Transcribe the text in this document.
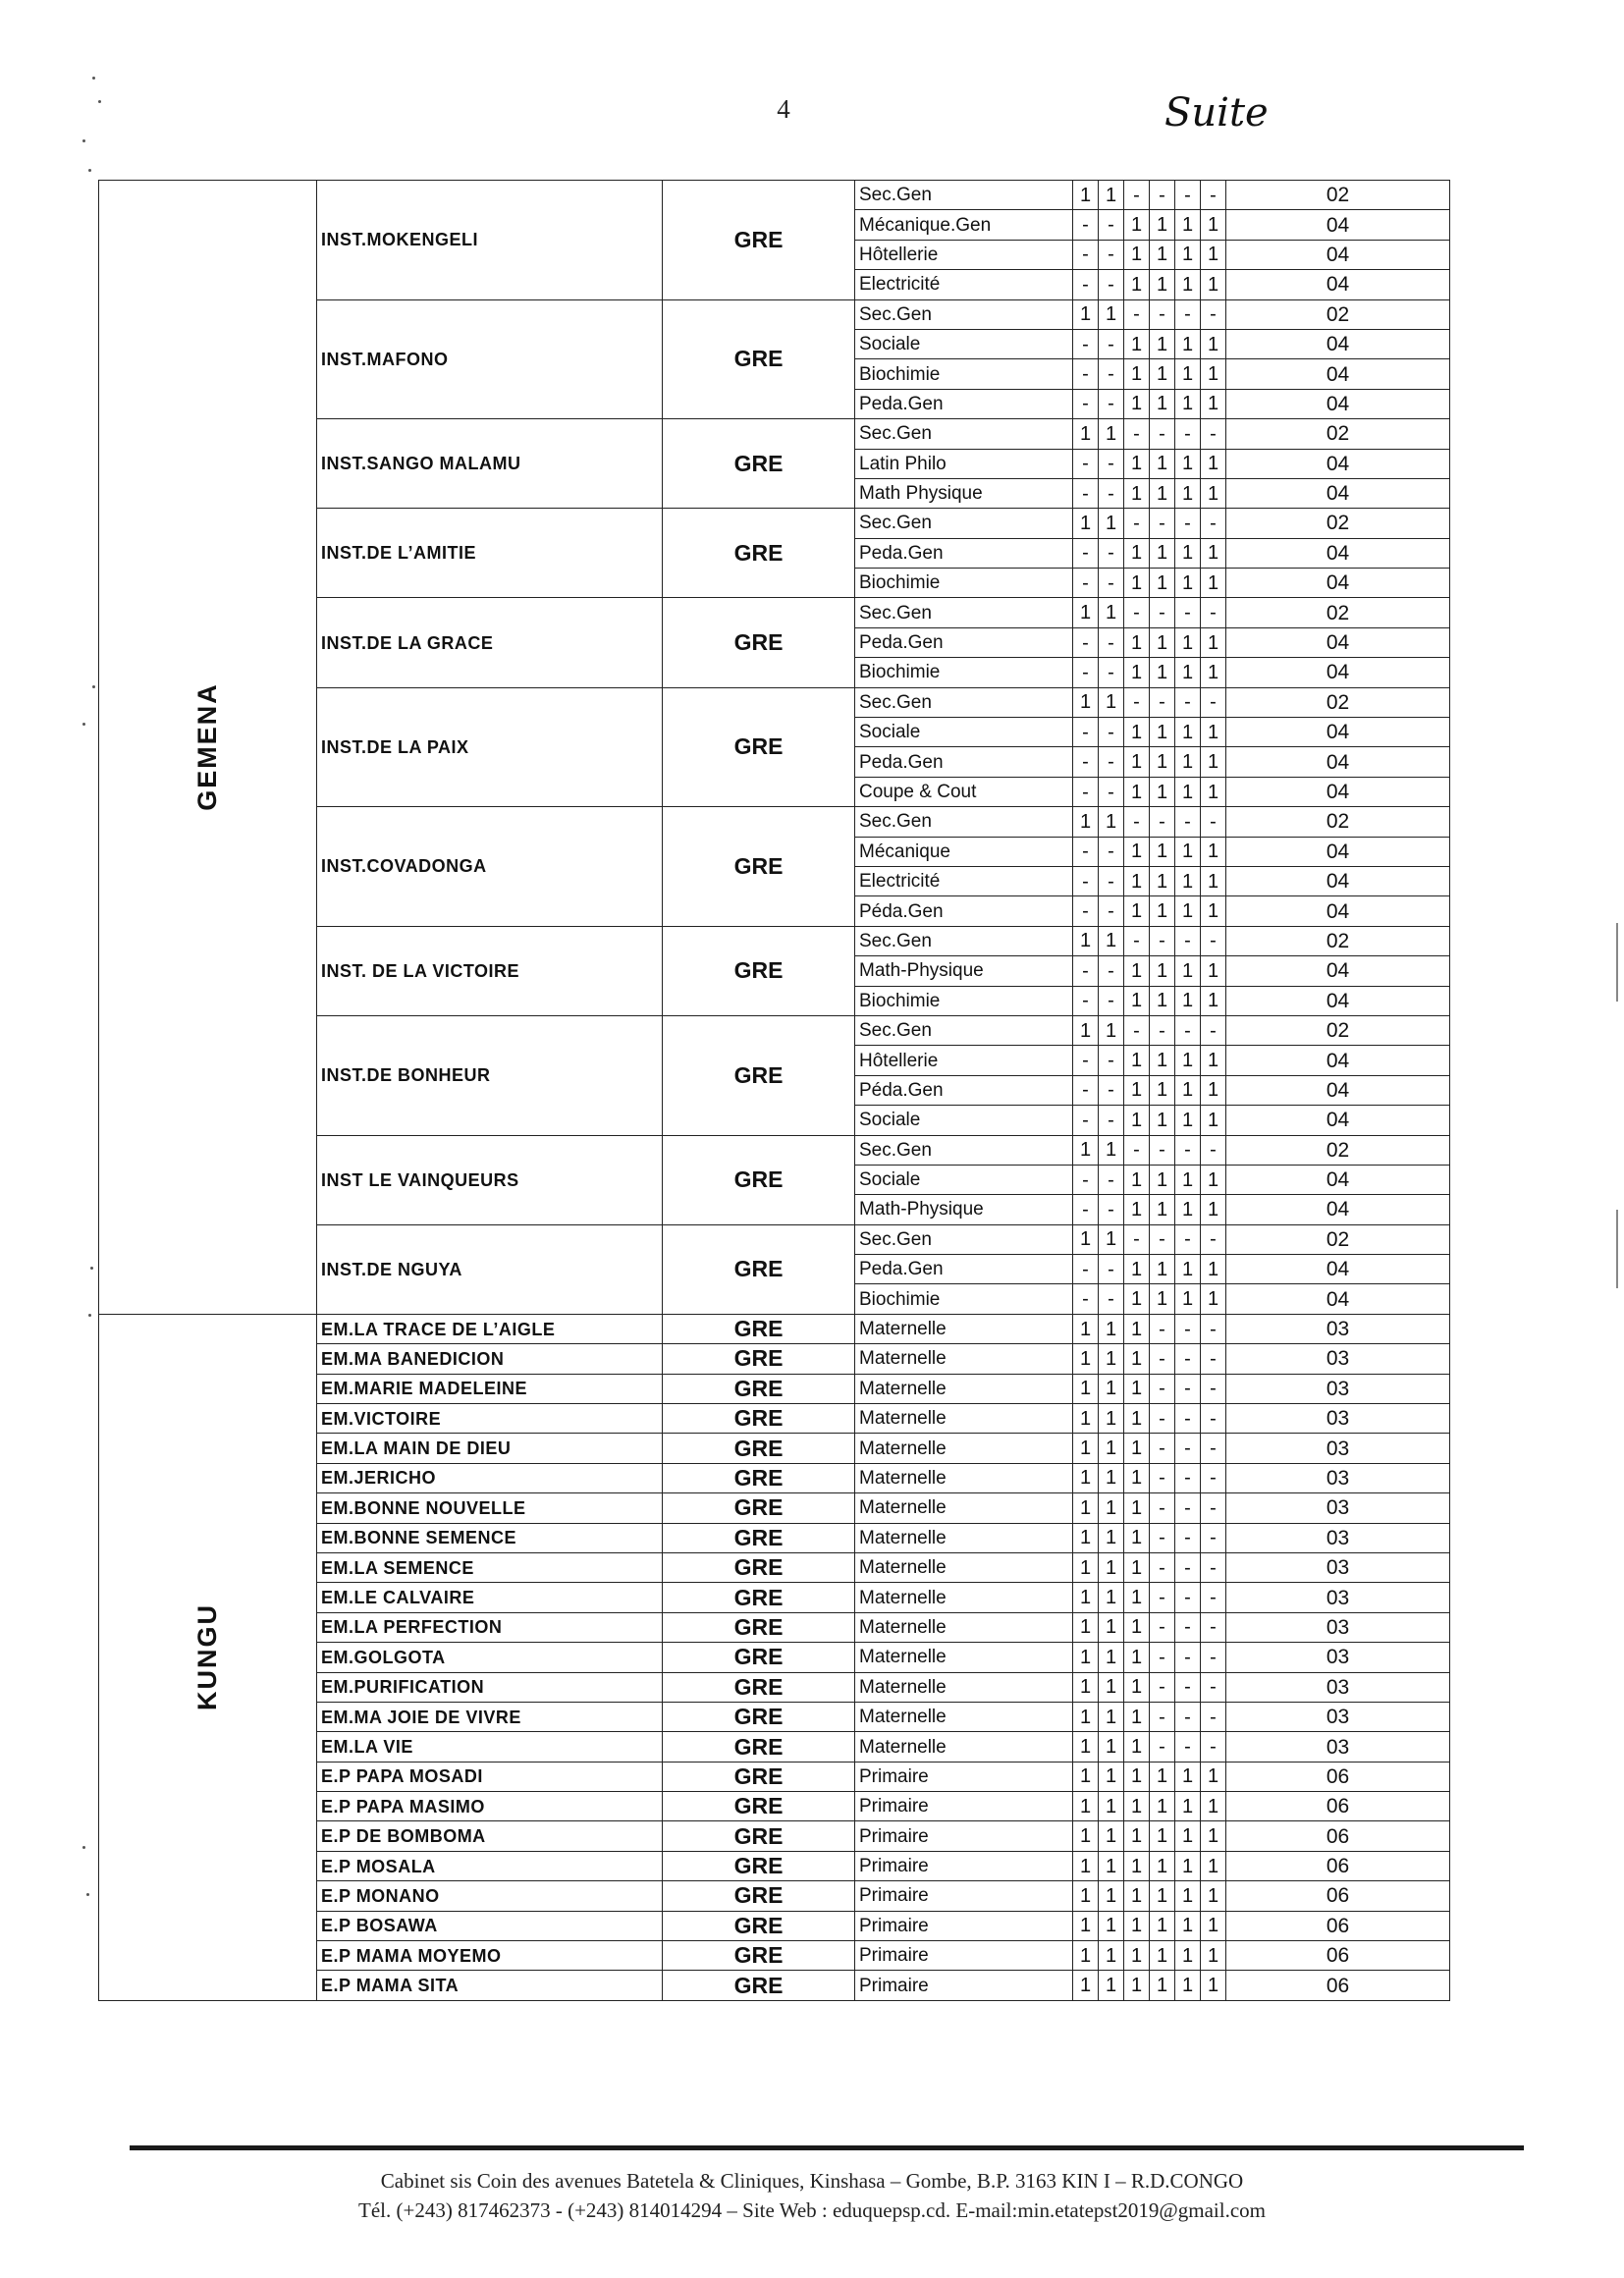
4	Suite
GEMENA	INST.MOKENGELI	GRE	Sec.Gen	1	1	-	-	-	-	02
			Mécanique.Gen	-	-	1	1	1	1	04
			Hôtellerie	-	-	1	1	1	1	04
			Electricité	-	-	1	1	1	1	04
	INST.MAFONO	GRE	Sec.Gen	1	1	-	-	-	-	02
			Sociale	-	-	1	1	1	1	04
			Biochimie	-	-	1	1	1	1	04
			Peda.Gen	-	-	1	1	1	1	04
	INST.SANGO MALAMU	GRE	Sec.Gen	1	1	-	-	-	-	02
			Latin Philo	-	-	1	1	1	1	04
			Math Physique	-	-	1	1	1	1	04
	INST.DE L’AMITIE	GRE	Sec.Gen	1	1	-	-	-	-	02
			Peda.Gen	-	-	1	1	1	1	04
			Biochimie	-	-	1	1	1	1	04
	INST.DE LA GRACE	GRE	Sec.Gen	1	1	-	-	-	-	02
			Peda.Gen	-	-	1	1	1	1	04
			Biochimie	-	-	1	1	1	1	04
	INST.DE LA PAIX	GRE	Sec.Gen	1	1	-	-	-	-	02
			Sociale	-	-	1	1	1	1	04
			Peda.Gen	-	-	1	1	1	1	04
			Coupe & Cout	-	-	1	1	1	1	04
	INST.COVADONGA	GRE	Sec.Gen	1	1	-	-	-	-	02
			Mécanique	-	-	1	1	1	1	04
			Electricité	-	-	1	1	1	1	04
			Péda.Gen	-	-	1	1	1	1	04
	INST. DE LA VICTOIRE	GRE	Sec.Gen	1	1	-	-	-	-	02
			Math-Physique	-	-	1	1	1	1	04
			Biochimie	-	-	1	1	1	1	04
	INST.DE BONHEUR	GRE	Sec.Gen	1	1	-	-	-	-	02
			Hôtellerie	-	-	1	1	1	1	04
			Péda.Gen	-	-	1	1	1	1	04
			Sociale	-	-	1	1	1	1	04
	INST LE VAINQUEURS	GRE	Sec.Gen	1	1	-	-	-	-	02
			Sociale	-	-	1	1	1	1	04
			Math-Physique	-	-	1	1	1	1	04
	INST.DE NGUYA	GRE	Sec.Gen	1	1	-	-	-	-	02
			Peda.Gen	-	-	1	1	1	1	04
			Biochimie	-	-	1	1	1	1	04
KUNGU	EM.LA TRACE DE L’AIGLE	GRE	Maternelle	1	1	1	-	-	-	03
	EM.MA BANEDICION	GRE	Maternelle	1	1	1	-	-	-	03
	EM.MARIE MADELEINE	GRE	Maternelle	1	1	1	-	-	-	03
	EM.VICTOIRE	GRE	Maternelle	1	1	1	-	-	-	03
	EM.LA MAIN DE DIEU	GRE	Maternelle	1	1	1	-	-	-	03
	EM.JERICHO	GRE	Maternelle	1	1	1	-	-	-	03
	EM.BONNE NOUVELLE	GRE	Maternelle	1	1	1	-	-	-	03
	EM.BONNE SEMENCE	GRE	Maternelle	1	1	1	-	-	-	03
	EM.LA SEMENCE	GRE	Maternelle	1	1	1	-	-	-	03
	EM.LE CALVAIRE	GRE	Maternelle	1	1	1	-	-	-	03
	EM.LA PERFECTION	GRE	Maternelle	1	1	1	-	-	-	03
	EM.GOLGOTA	GRE	Maternelle	1	1	1	-	-	-	03
	EM.PURIFICATION	GRE	Maternelle	1	1	1	-	-	-	03
	EM.MA JOIE DE VIVRE	GRE	Maternelle	1	1	1	-	-	-	03
	EM.LA VIE	GRE	Maternelle	1	1	1	-	-	-	03
	E.P PAPA MOSADI	GRE	Primaire	1	1	1	1	1	1	06
	E.P PAPA MASIMO	GRE	Primaire	1	1	1	1	1	1	06
	E.P DE BOMBOMA	GRE	Primaire	1	1	1	1	1	1	06
	E.P MOSALA	GRE	Primaire	1	1	1	1	1	1	06
	E.P MONANO	GRE	Primaire	1	1	1	1	1	1	06
	E.P BOSAWA	GRE	Primaire	1	1	1	1	1	1	06
	E.P MAMA MOYEMO	GRE	Primaire	1	1	1	1	1	1	06
	E.P MAMA SITA	GRE	Primaire	1	1	1	1	1	1	06
Cabinet sis Coin des avenues Batetela & Cliniques, Kinshasa – Gombe, B.P. 3163 KIN I – R.D.CONGO
Tél. (+243) 817462373 - (+243) 814014294 – Site Web : eduquepsp.cd. E-mail:min.etatepst2019@gmail.com
